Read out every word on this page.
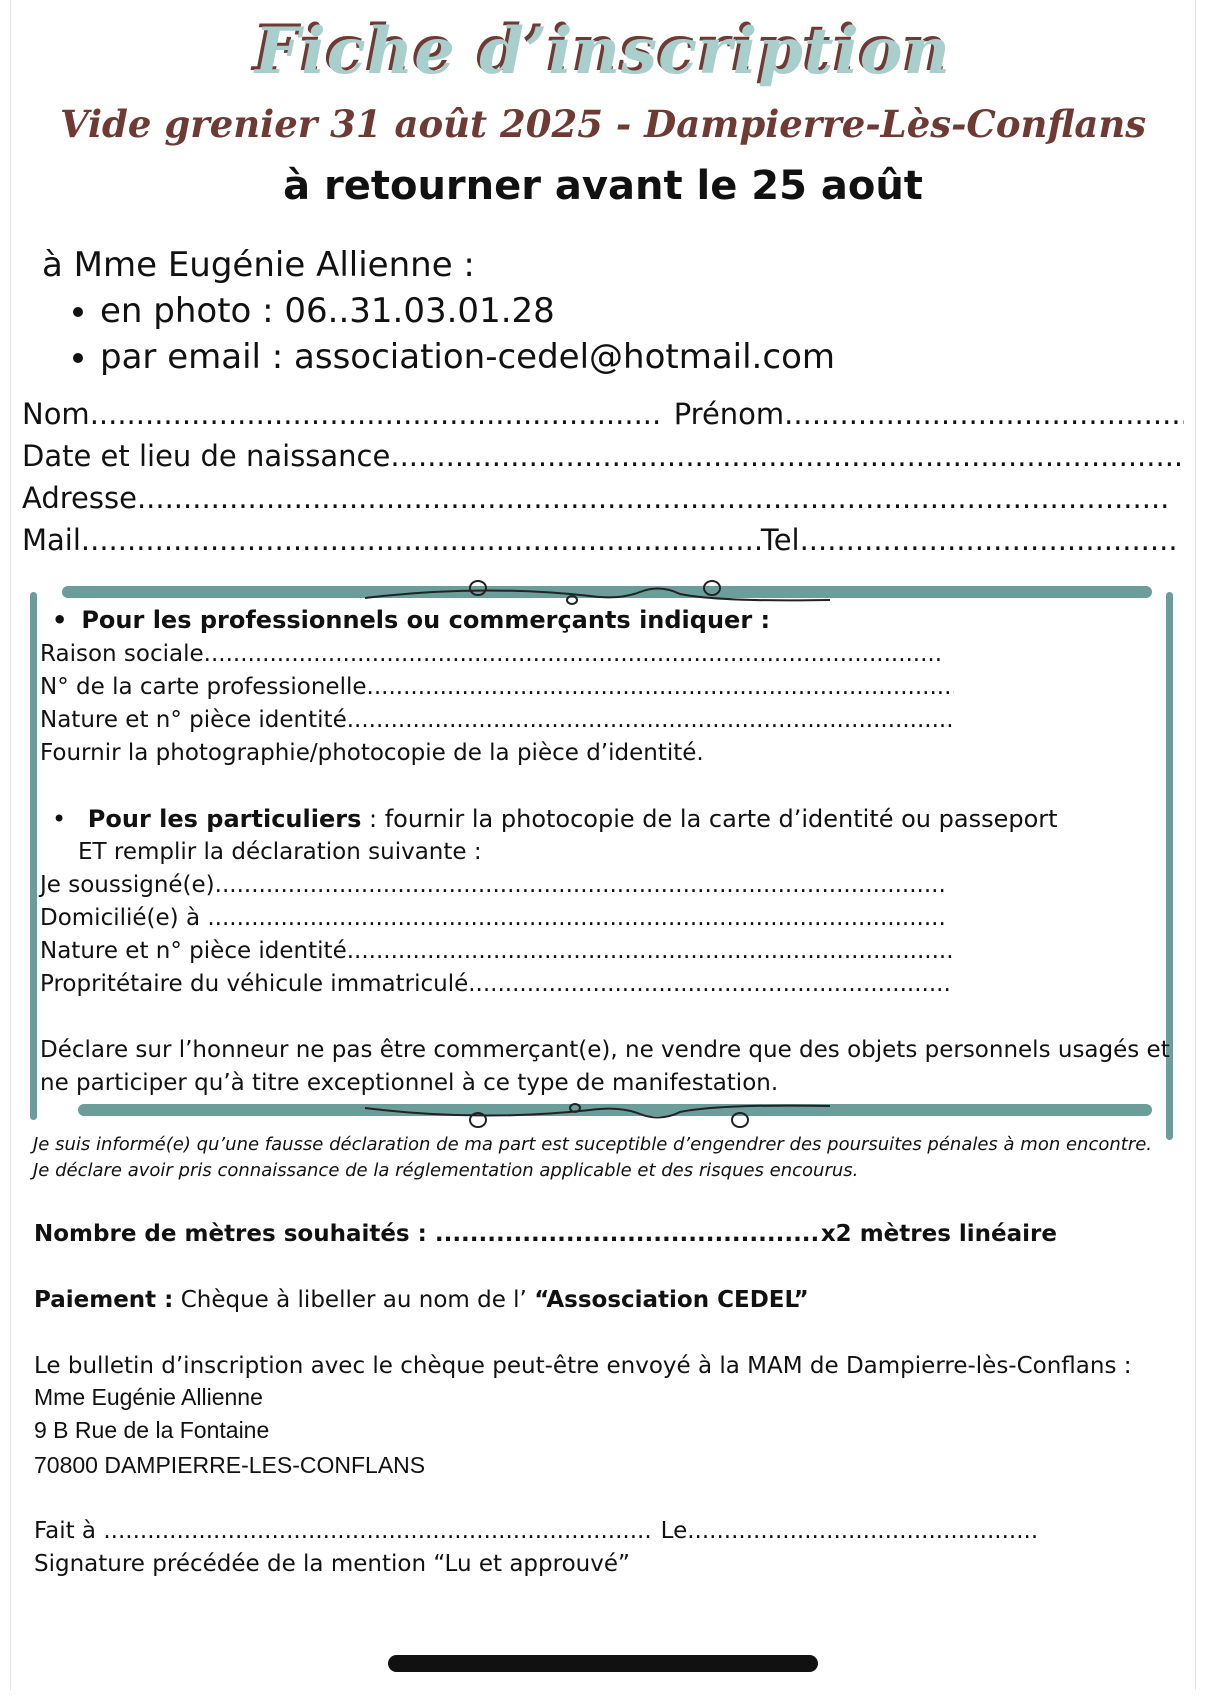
Fiche d’inscription
Vide grenier 31 août 2025 - Dampierre-Lès-Conflans
à retourner avant le 25 août
à Mme Eugénie Allienne :
• en photo : 06..31.03.01.28
• par email : association-cedel@hotmail.com
Nom .....	Prénom.....
Date et lieu de naissance.....
Adresse.....
Mail .....	Tel.....
• Pour les professionnels ou commerçants indiquer :
Raison sociale.....
N° de la carte professionelle.....
Nature et n° pièce identité.....
Fournir la photographie/photocopie de la pièce d’identité.
• Pour les particuliers : fournir la photocopie de la carte d’identité ou passeport
ET remplir la déclaration suivante :
Je soussigné(e).....
Domicilié(e) à .....
Nature et n° pièce identité.....
Propritétaire du véhicule immatriculé.....
Déclare sur l’honneur ne pas être commerçant(e), ne vendre que des objets personnels usagés et
ne participer qu’à titre exceptionnel à ce type de manifestation.
Je suis informé(e) qu’une fausse déclaration de ma part est suceptible d’engendrer des poursuites pénales à mon encontre.
Je déclare avoir pris connaissance de la réglementation applicable et des risques encourus.
Nombre de mètres souhaités : .....	x2 mètres linéaire
Paiement : Chèque à libeller au nom de l’ “Assosciation CEDEL”
Le bulletin d’inscription avec le chèque peut-être envoyé à la MAM de Dampierre-lès-Conflans :
Mme Eugénie Allienne
9 B Rue de la Fontaine
70800 DAMPIERRE-LES-CONFLANS
Fait à .....	Le.....
Signature précédée de la mention “Lu et approuvé”
